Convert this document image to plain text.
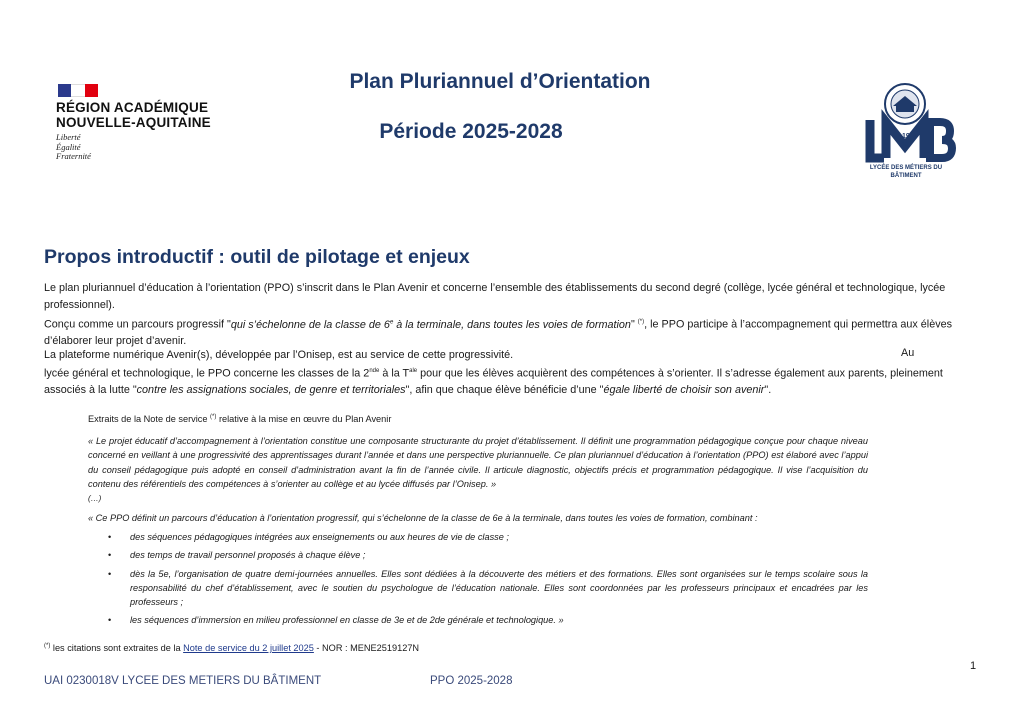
RÉGION ACADÉMIQUE
NOUVELLE-AQUITAINE
Liberté
Égalité
Fraternité
Plan Pluriannuel d’Orientation
Période 2025-2028	19
11
LYCÉE DES MÉTIERS DU BÂTIMENT
Propos introductif : outil de pilotage et enjeux
Le plan pluriannuel d’éducation à l’orientation (PPO) s’inscrit dans le Plan Avenir et concerne l’ensemble des établissements du second degré (collège, lycée général et technologique, lycée professionnel).
Conçu comme un parcours progressif "qui s’échelonne de la classe de 6e à la terminale, dans toutes les voies de formation" (*), le PPO participe à l’accompagnement qui permettra aux élèves d’élaborer leur projet d’avenir.
La plateforme numérique Avenir(s), développée par l’Onisep, est au service de cette progressivité.	Au
lycée général et technologique, le PPO concerne les classes de la 2nde à la $T^{ale}$ pour que les élèves acquièrent des compétences à s’orienter. Il s’adresse également aux parents, pleinement associés à la lutte "contre les assignations sociales, de genre et territoriales", afin que chaque élève bénéficie d’une "égale liberté de choisir son avenir".
Extraits de la Note de service (*) relative à la mise en œuvre du Plan Avenir
« Le projet éducatif d’accompagnement à l’orientation constitue une composante structurante du projet d’établissement. Il définit une programmation pédagogique conçue pour chaque niveau concerné en veillant à une progressivité des apprentissages durant l’année et dans une perspective pluriannuelle. Ce plan pluriannuel d’éducation à l’orientation (PPO) est élaboré avec l’appui du conseil pédagogique puis adopté en conseil d’administration avant la fin de l’année civile. Il articule diagnostic, objectifs précis et programmation pédagogique. Il vise l’acquisition du contenu des référentiels des compétences à s’orienter au collège et au lycée diffusés par l’Onisep. »
(…)
« Ce PPO définit un parcours d’éducation à l’orientation progressif, qui s’échelonne de la classe de 6e à la terminale, dans toutes les voies de formation, combinant :
•	des séquences pédagogiques intégrées aux enseignements ou aux heures de vie de classe ;
•	des temps de travail personnel proposés à chaque élève ;
•	dès la 5e, l’organisation de quatre demi-journées annuelles. Elles sont dédiées à la découverte des métiers et des formations. Elles sont organisées sur le temps scolaire sous la responsabilité du chef d’établissement, avec le soutien du psychologue de l’éducation nationale. Elles sont coordonnées par les professeurs principaux et encadrées par les professeurs ;
•	les séquences d’immersion en milieu professionnel en classe de 3e et de 2de générale et technologique. »
(*) les citations sont extraites de la Note de service du 2 juillet 2025 - NOR : MENE2519127N
1
UAI 0230018V LYCEE DES METIERS DU BÂTIMENT	PPO 2025-2028
